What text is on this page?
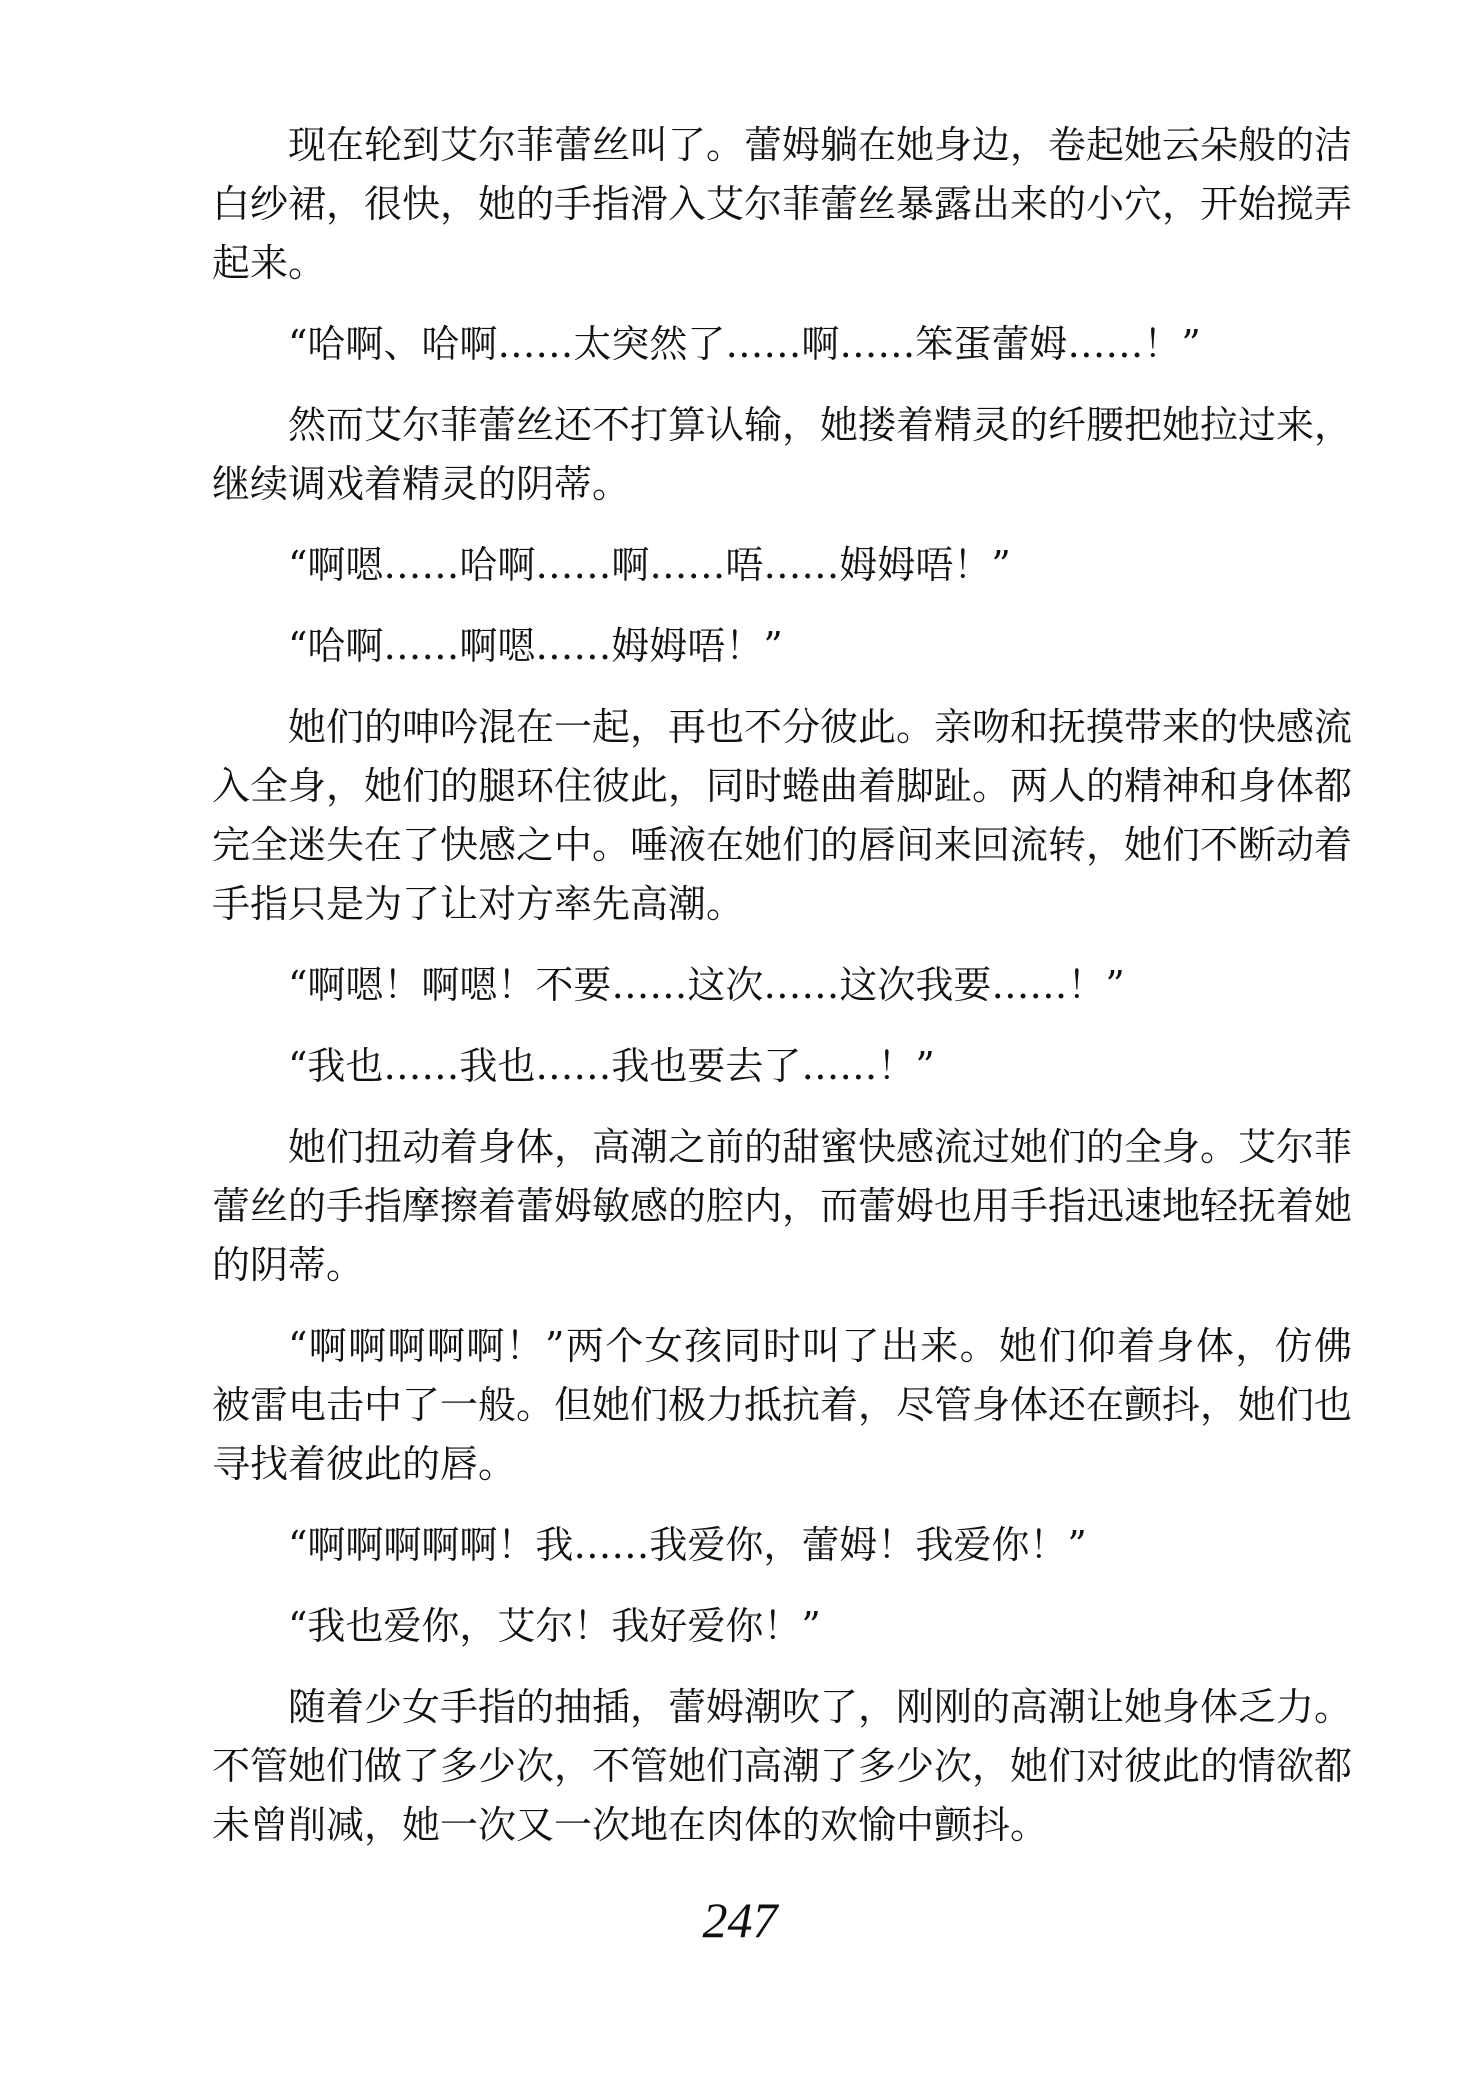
现在轮到艾尔菲蕾丝叫了。蕾姆躺在她身边，卷起她云朵般的洁白纱裙，很快，她的手指滑入艾尔菲蕾丝暴露出来的小穴，开始搅弄起来。

“哈啊、哈啊……太突然了……啊……笨蛋蕾姆……！”

然而艾尔菲蕾丝还不打算认输，她搂着精灵的纤腰把她拉过来，继续调戏着精灵的阴蒂。

“啊嗯……哈啊……啊……唔……姆姆唔！”

“哈啊……啊嗯……姆姆唔！”

她们的呻吟混在一起，再也不分彼此。亲吻和抚摸带来的快感流入全身，她们的腿环住彼此，同时蜷曲着脚趾。两人的精神和身体都完全迷失在了快感之中。唾液在她们的唇间来回流转，她们不断动着手指只是为了让对方率先高潮。

“啊嗯！啊嗯！不要……这次……这次我要……！”

“我也……我也……我也要去了……！”

她们扭动着身体，高潮之前的甜蜜快感流过她们的全身。艾尔菲蕾丝的手指摩擦着蕾姆敏感的腔内，而蕾姆也用手指迅速地轻抚着她的阴蒂。

“啊啊啊啊啊！”两个女孩同时叫了出来。她们仰着身体，仿佛被雷电击中了一般。但她们极力抵抗着，尽管身体还在颤抖，她们也寻找着彼此的唇。

“啊啊啊啊啊！我……我爱你，蕾姆！我爱你！”

“我也爱你，艾尔！我好爱你！”

随着少女手指的抽插，蕾姆潮吹了，刚刚的高潮让她身体乏力。不管她们做了多少次，不管她们高潮了多少次，她们对彼此的情欲都未曾削减，她一次又一次地在肉体的欢愉中颤抖。

247
